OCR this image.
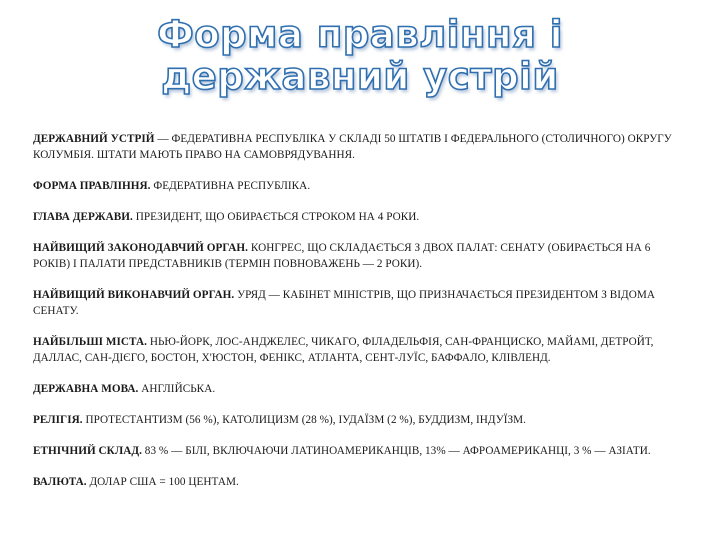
Форма правління і
державний устрій

ДЕРЖАВНИЙ УСТРІЙ — ФЕДЕРАТИВНА РЕСПУБЛІКА У СКЛАДІ 50 ШТАТІВ І ФЕДЕРАЛЬНОГО (СТОЛИЧНОГО) ОКРУГУ КОЛУМБІЯ. ШТАТИ МАЮТЬ ПРАВО НА САМОВРЯДУВАННЯ.

ФОРМА ПРАВЛІННЯ. ФЕДЕРАТИВНА РЕСПУБЛІКА.

ГЛАВА ДЕРЖАВИ. ПРЕЗИДЕНТ, ЩО ОБИРАЄТЬСЯ СТРОКОМ НА 4 РОКИ.

НАЙВИЩИЙ ЗАКОНОДАВЧИЙ ОРГАН. КОНГРЕС, ЩО СКЛАДАЄТЬСЯ З ДВОХ ПАЛАТ: СЕНАТУ (ОБИРАЄТЬСЯ НА 6 РОКІВ) І ПАЛАТИ ПРЕДСТАВНИКІВ (ТЕРМІН ПОВНОВАЖЕНЬ — 2 РОКИ).

НАЙВИЩИЙ ВИКОНАВЧИЙ ОРГАН. УРЯД — КАБІНЕТ МІНІСТРІВ, ЩО ПРИЗНАЧАЄТЬСЯ ПРЕЗИДЕНТОМ З ВІДОМА СЕНАТУ.

НАЙБІЛЬШІ МІСТА. НЬЮ-ЙОРК, ЛОС-АНДЖЕЛЕС, ЧИКАГО, ФІЛАДЕЛЬФІЯ, САН-ФРАНЦИСКО, МАЙАМІ, ДЕТРОЙТ, ДАЛЛАС, САН-ДІЄГО, БОСТОН, Х'ЮСТОН, ФЕНІКС, АТЛАНТА, СЕНТ-ЛУЇС, БАФФАЛО, КЛІВЛЕНД.

ДЕРЖАВНА МОВА. АНГЛІЙСЬКА.

РЕЛІГІЯ. ПРОТЕСТАНТИЗМ (56 %), КАТОЛИЦИЗМ (28 %), ІУДАЇЗМ (2 %), БУДДИЗМ, ІНДУЇЗМ.

ЕТНІЧНИЙ СКЛАД. 83 % — БІЛІ, ВКЛЮЧАЮЧИ ЛАТИНОАМЕРИКАНЦІВ, 13% — АФРОАМЕРИКАНЦІ, 3 % — АЗІАТИ.

ВАЛЮТА. ДОЛАР США = 100 ЦЕНТАМ.
